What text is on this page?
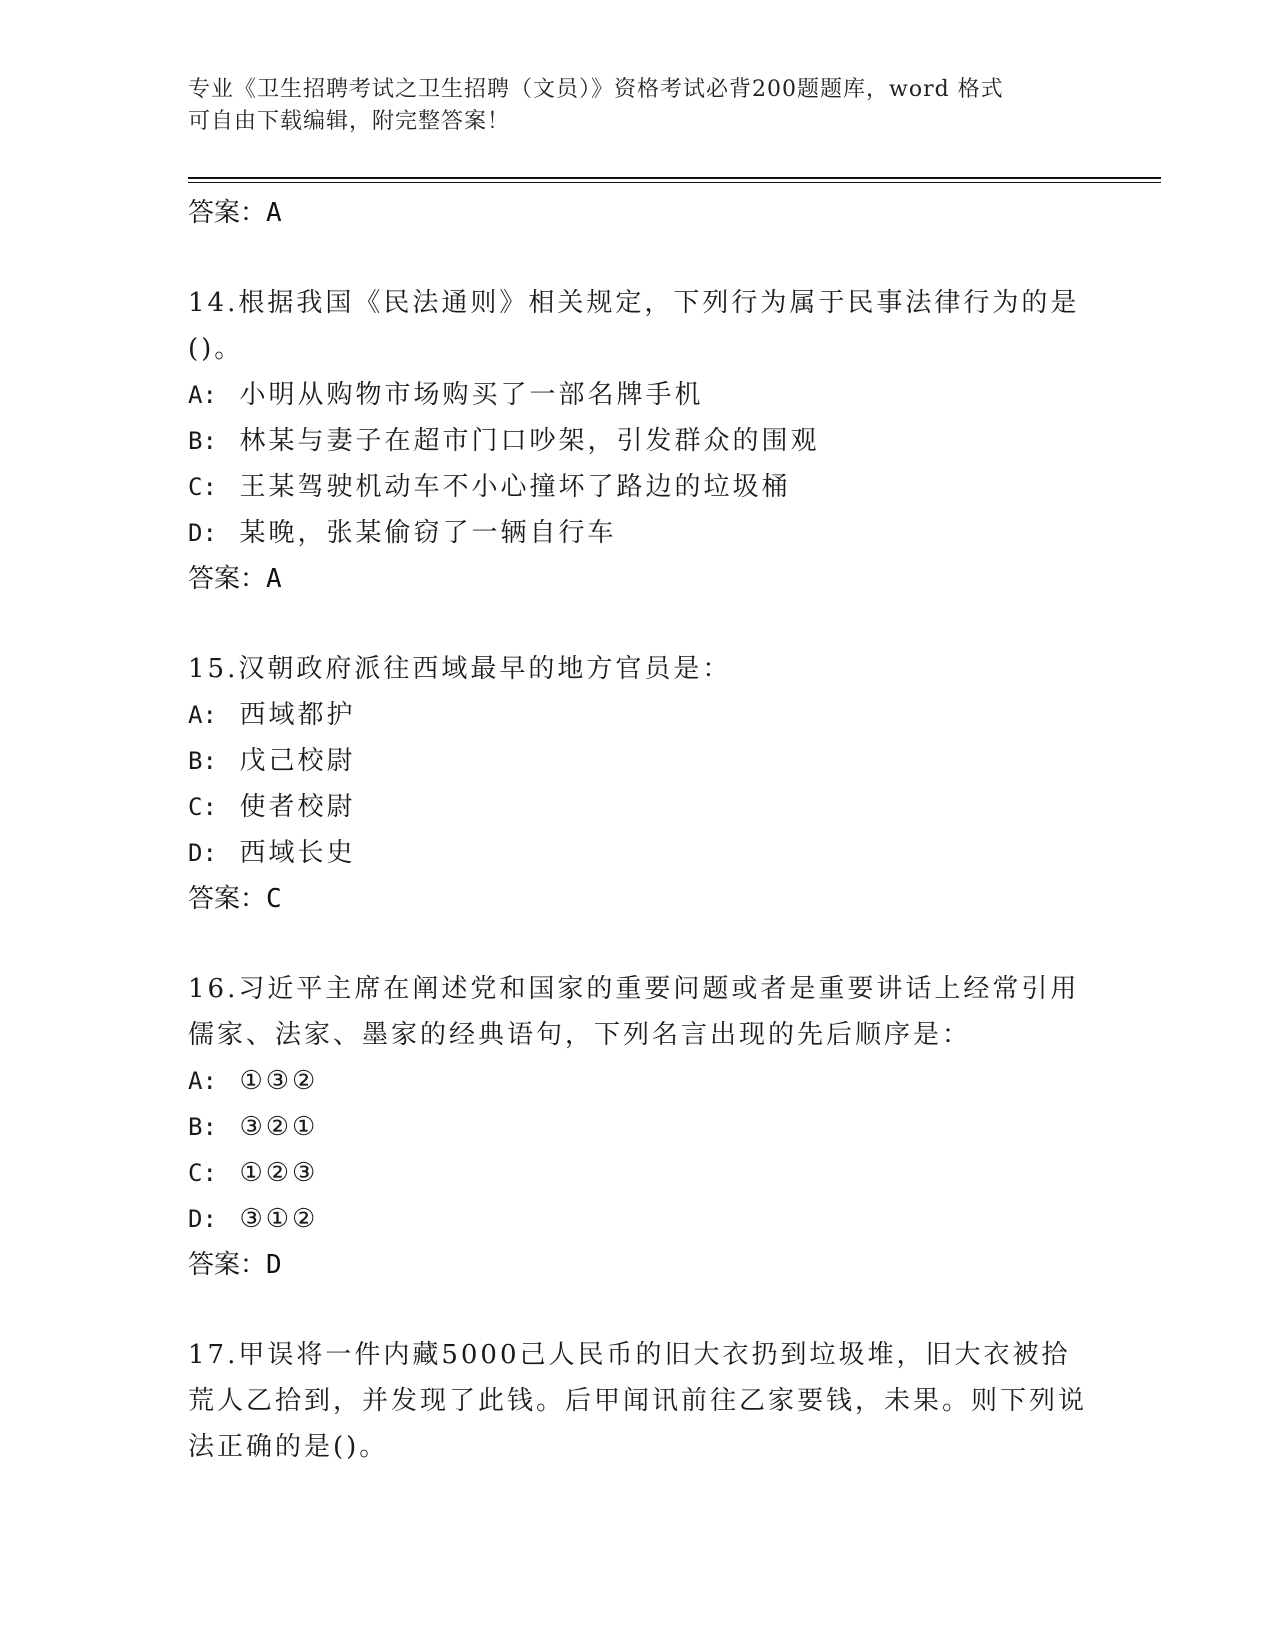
专业《卫生招聘考试之卫生招聘（文员）》资格考试必背200题题库，word 格式
可自由下载编辑，附完整答案！
答案：A
14.根据我国《民法通则》相关规定，下列行为属于民事法律行为的是()。
A: 小明从购物市场购买了一部名牌手机
B: 林某与妻子在超市门口吵架，引发群众的围观
C: 王某驾驶机动车不小心撞坏了路边的垃圾桶
D: 某晚，张某偷窃了一辆自行车
答案：A
15.汉朝政府派往西域最早的地方官员是：
A: 西域都护
B: 戊己校尉
C: 使者校尉
D: 西域长史
答案：C
16.习近平主席在阐述党和国家的重要问题或者是重要讲话上经常引用儒家、法家、墨家的经典语句，下列名言出现的先后顺序是：
A: ①③②
B: ③②①
C: ①②③
D: ③①②
答案：D
17.甲误将一件内藏5000己人民币的旧大衣扔到垃圾堆，旧大衣被拾荒人乙拾到，并发现了此钱。后甲闻讯前往乙家要钱，未果。则下列说法正确的是()。
